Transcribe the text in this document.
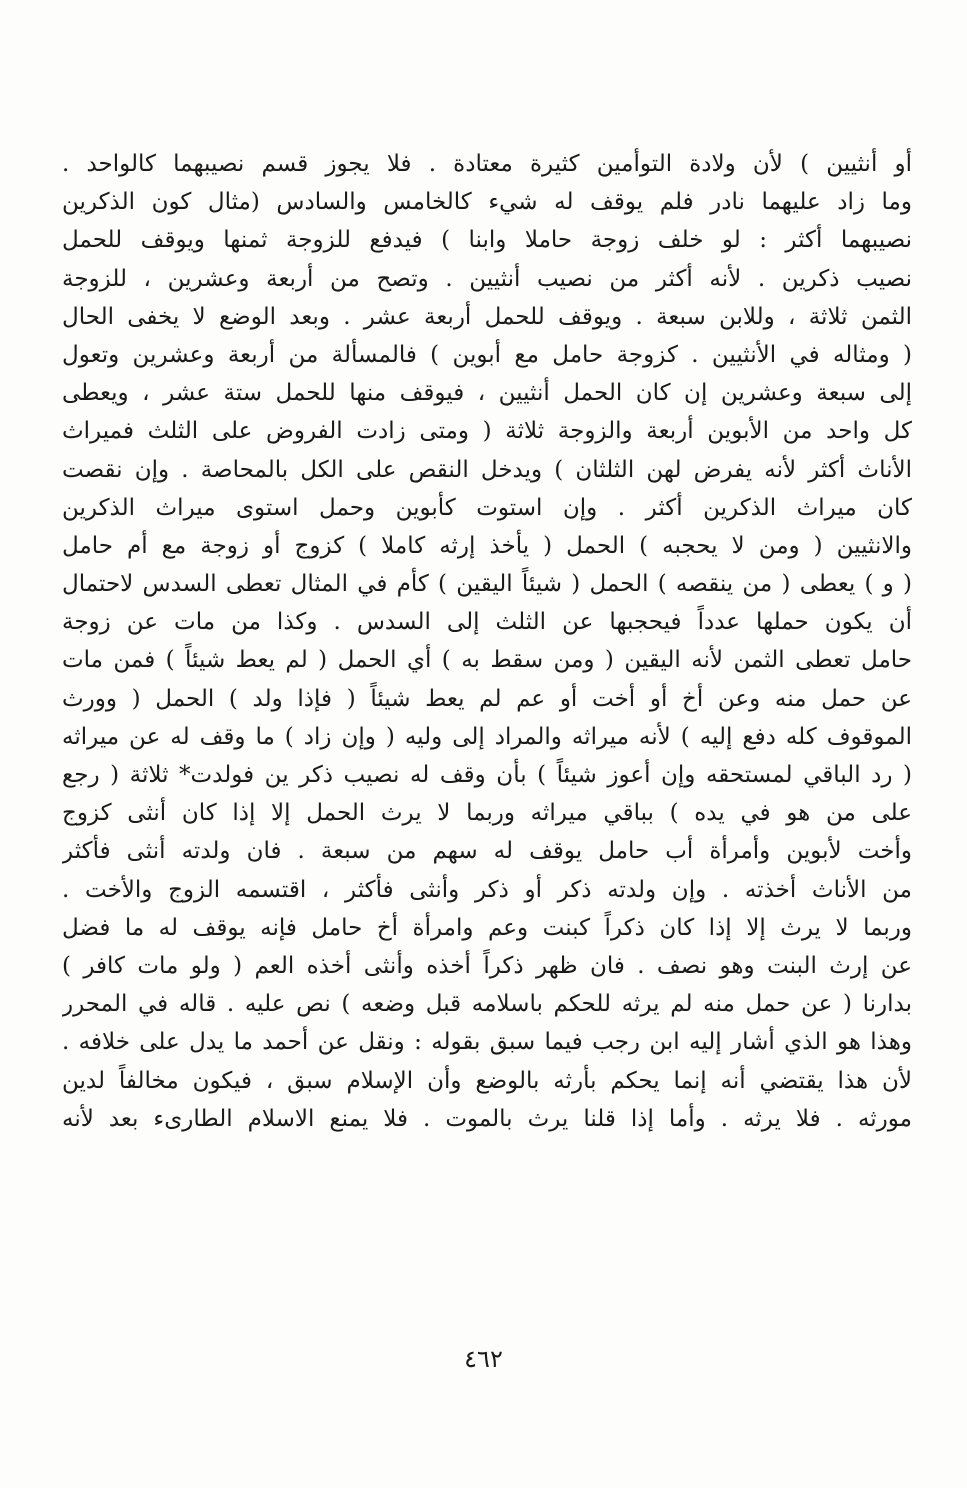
أو أنثيين ) لأن ولادة التوأمين كثيرة معتادة . فلا يجوز قسم نصيبهما كالواحد .
وما زاد عليهما نادر فلم يوقف له شيء كالخامس والسادس (مثال كون الذكرين
نصيبهما أكثر : لو خلف زوجة حاملا وابنا ) فيدفع للزوجة ثمنها ويوقف للحمل
نصيب ذكرين . لأنه أكثر من نصيب أنثيين . وتصح من أربعة وعشرين ، للزوجة
الثمن ثلاثة ، وللابن سبعة . ويوقف للحمل أربعة عشر . وبعد الوضع لا يخفى الحال
( ومثاله في الأنثيين . كزوجة حامل مع أبوين ) فالمسألة من أربعة وعشرين وتعول
إلى سبعة وعشرين إن كان الحمل أنثيين ، فيوقف منها للحمل ستة عشر ، ويعطى
كل واحد من الأبوين أربعة والزوجة ثلاثة ( ومتى زادت الفروض على الثلث فميراث
الأناث أكثر لأنه يفرض لهن الثلثان ) ويدخل النقص على الكل بالمحاصة . وإن نقصت
كان ميراث الذكرين أكثر . وإن استوت كأبوين وحمل استوى ميراث الذكرين
والانثيين ( ومن لا يحجبه ) الحمل ( يأخذ إرثه كاملا ) كزوج أو زوجة مع أم حامل
( و ) يعطى ( من ينقصه ) الحمل ( شيئاً اليقين ) كأم في المثال تعطى السدس لاحتمال
أن يكون حملها عدداً فيحجبها عن الثلث إلى السدس . وكذا من مات عن زوجة
حامل تعطى الثمن لأنه اليقين ( ومن سقط به ) أي الحمل ( لم يعط شيئاً ) فمن مات
عن حمل منه وعن أخ أو أخت أو عم لم يعط شيئاً ( فإذا ولد ) الحمل ( وورث
الموقوف كله دفع إليه ) لأنه ميراثه والمراد إلى وليه ( وإن زاد ) ما وقف له عن ميراثه
( رد الباقي لمستحقه وإن أعوز شيئاً ) بأن وقف له نصيب ذكر ين فولدت* ثلاثة ( رجع
على من هو في يده ) بباقي ميراثه وربما لا يرث الحمل إلا إذا كان أنثى كزوج
وأخت لأبوين وأمرأة أب حامل يوقف له سهم من سبعة . فان ولدته أنثى فأكثر
من الأناث أخذته . وإن ولدته ذكر أو ذكر وأنثى فأكثر ، اقتسمه الزوج والأخت .
وربما لا يرث إلا إذا كان ذكراً كبنت وعم وامرأة أخ حامل فإنه يوقف له ما فضل
عن إرث البنت وهو نصف . فان ظهر ذكراً أخذه وأنثى أخذه العم ( ولو مات كافر )
بدارنا ( عن حمل منه لم يرثه للحكم باسلامه قبل وضعه ) نص عليه . قاله في المحرر
وهذا هو الذي أشار إليه ابن رجب فيما سبق بقوله : ونقل عن أحمد ما يدل على خلافه .
لأن هذا يقتضي أنه إنما يحكم بأرثه بالوضع وأن الإسلام سبق ، فيكون مخالفاً لدين
مورثه . فلا يرثه . وأما إذا قلنا يرث بالموت . فلا يمنع الاسلام الطارىء بعد لأنه
٤٦٢
